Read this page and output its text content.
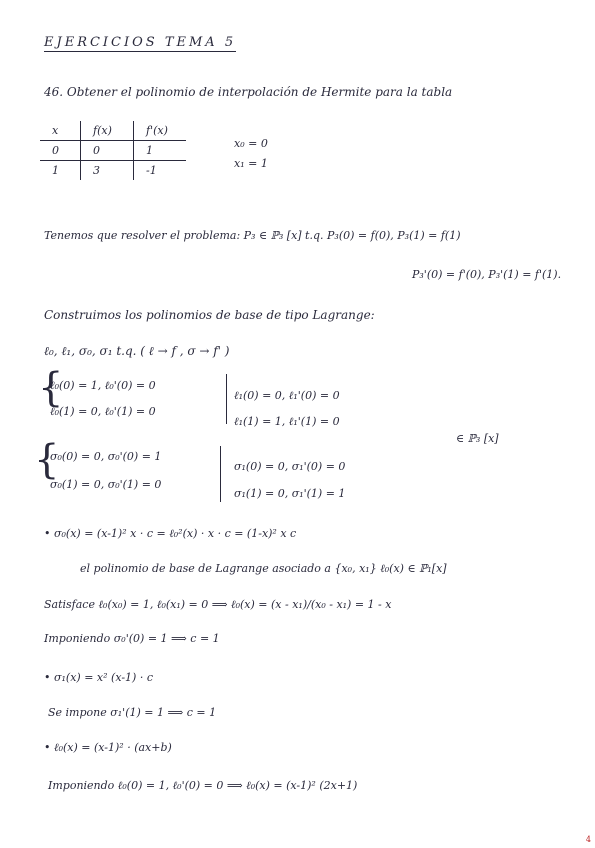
EJERCICIOS TEMA 5
46. Obtener el polinomio de interpolación de Hermite para la tabla
x	f(x)	f'(x)
0	0	1
1	3	-1
x₀ = 0
x₁ = 1
Tenemos que resolver el problema: P₃ ∈ ℙ₃ [x] t.q. P₃(0) = f(0), P₃(1) = f(1)
P₃'(0) = f'(0), P₃'(1) = f'(1).
Construimos los polinomios de base de tipo Lagrange:
ℓ₀, ℓ₁, σ₀, σ₁ t.q. ( ℓ → f , σ → f' )
{
ℓ₀(0) = 1, ℓ₀'(0) = 0
ℓ₀(1) = 0, ℓ₀'(1) = 0
ℓ₁(0) = 0, ℓ₁'(0) = 0
ℓ₁(1) = 1, ℓ₁'(1) = 0
∈ ℙ₃ [x]
{
σ₀(0) = 0, σ₀'(0) = 1
σ₀(1) = 0, σ₀'(1) = 0
σ₁(0) = 0, σ₁'(0) = 0
σ₁(1) = 0, σ₁'(1) = 1
• σ₀(x) = (x-1)² x · c = ℓ₀²(x) · x · c = (1-x)² x c
el polinomio de base de Lagrange asociado a {x₀, x₁} ℓ₀(x) ∈ ℙ₁[x]
Satisface ℓ₀(x₀) = 1, ℓ₀(x₁) = 0 ⟹ ℓ₀(x) = (x - x₁)/(x₀ - x₁) = 1 - x
Imponiendo σ₀'(0) = 1 ⟹ c = 1
• σ₁(x) = x² (x-1) · c
Se impone σ₁'(1) = 1 ⟹ c = 1
• ℓ₀(x) = (x-1)² · (ax+b)
Imponiendo ℓ₀(0) = 1, ℓ₀'(0) = 0 ⟹ ℓ₀(x) = (x-1)² (2x+1)
4
